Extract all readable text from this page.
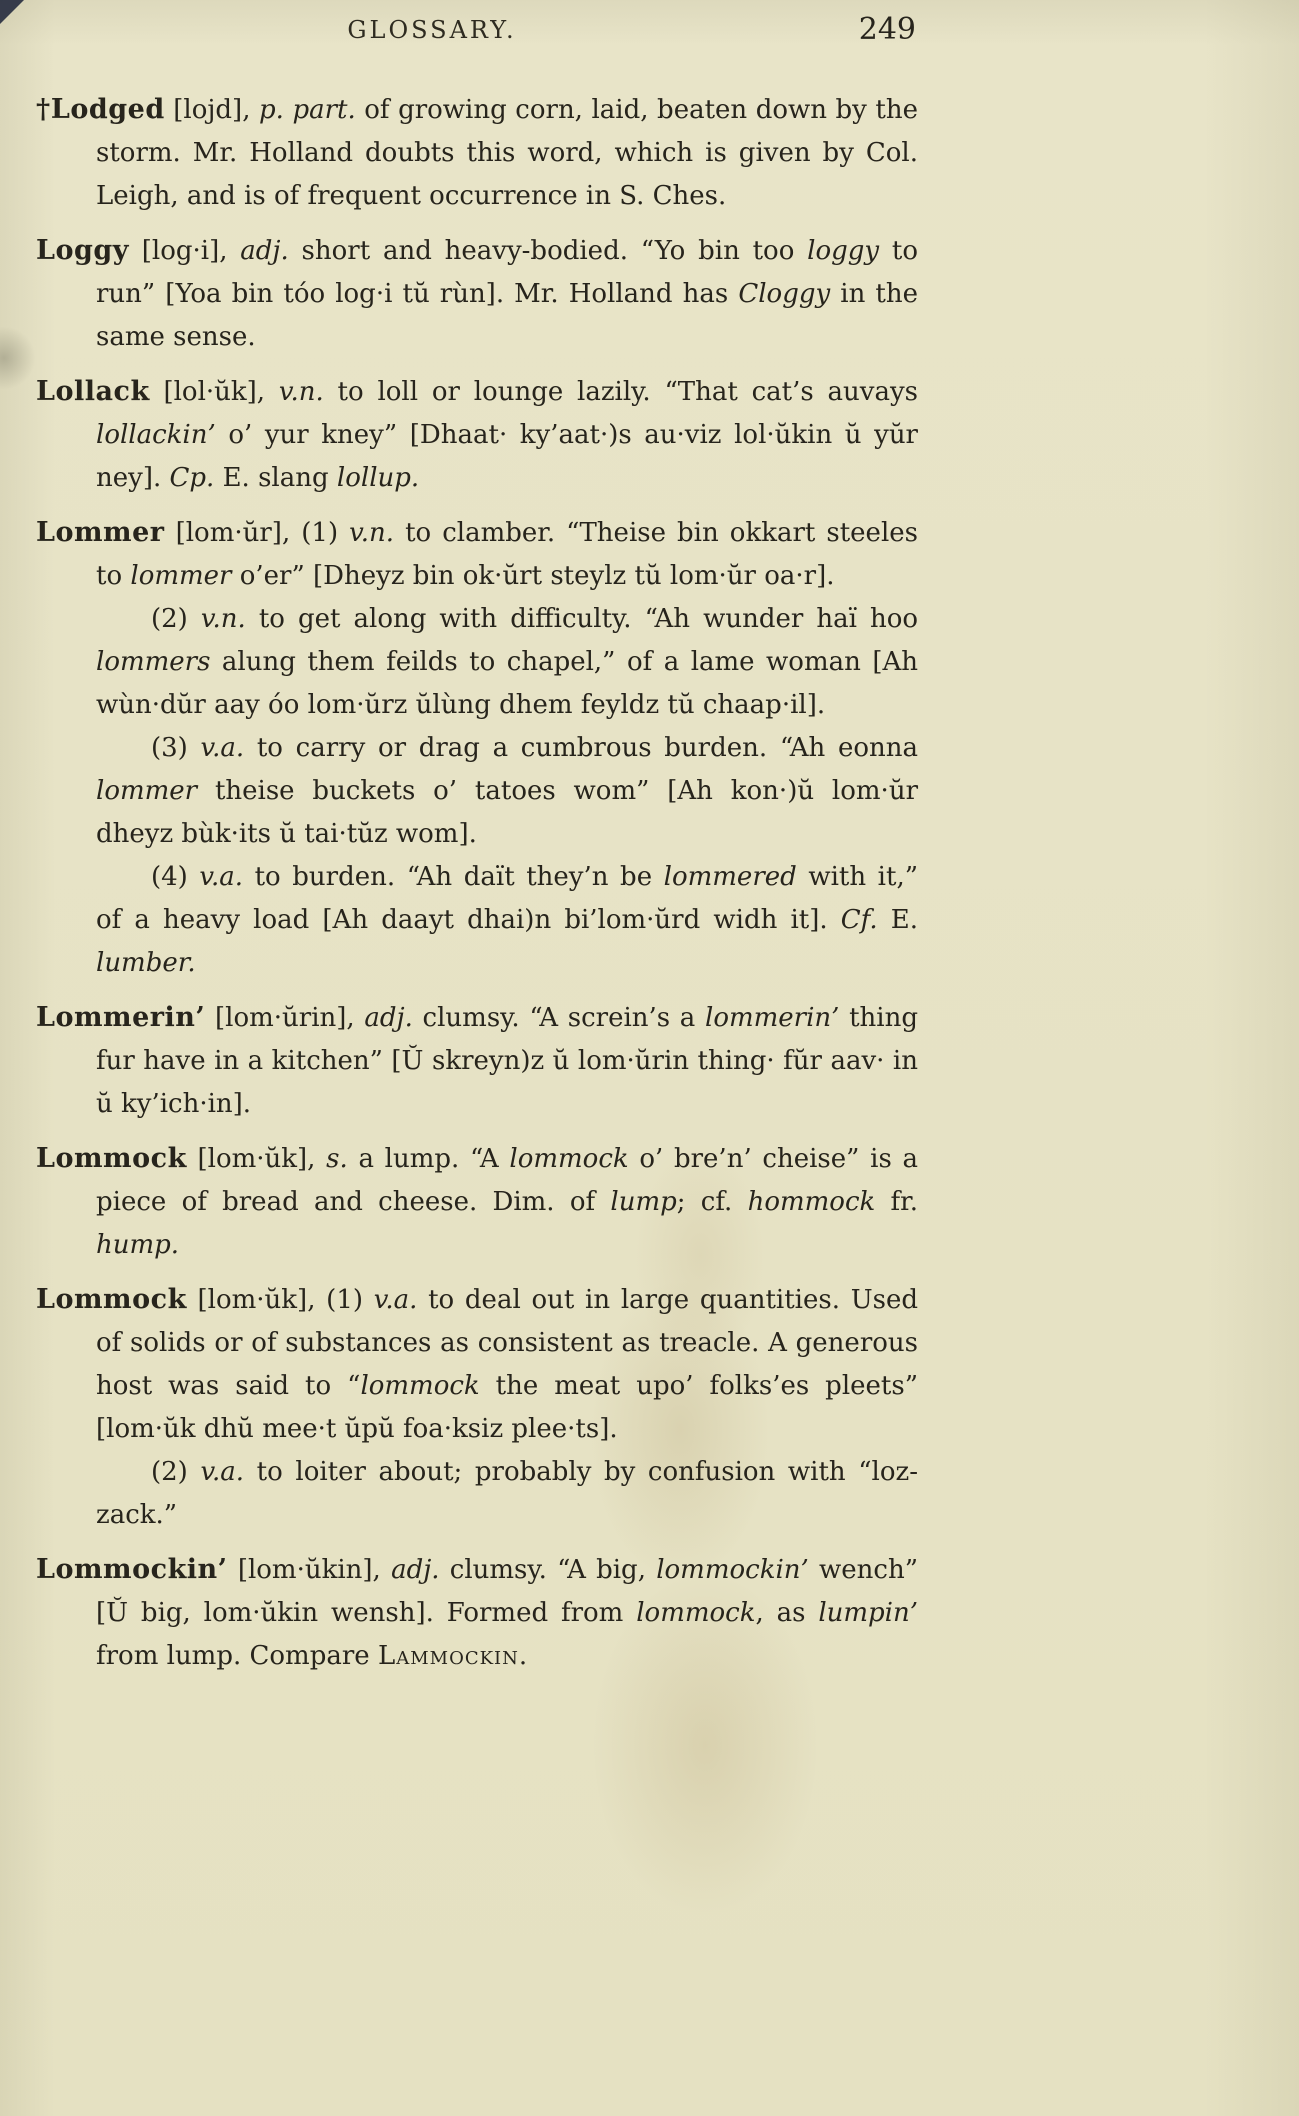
GLOSSARY.	249

†Lodged [lojd], p. part. of growing corn, laid, beaten down by the storm. Mr. Holland doubts this word, which is given by Col. Leigh, and is of frequent occurrence in S. Ches.

Loggy [log·i], adj. short and heavy-bodied. “Yo bin too loggy to run” [Yoa bin tóo log·i tŭ rùn]. Mr. Holland has Cloggy in the same sense.

Lollack [lol·ŭk], v.n. to loll or lounge lazily. “That cat’s auvays lollackin’ o’ yur kney” [Dhaat· ky’aat·)s au·viz lol·ŭkin ŭ yŭr ney]. Cp. E. slang lollup.

Lommer [lom·ŭr], (1) v.n. to clamber. “Theise bin okkart steeles to lommer o’er” [Dheyz bin ok·ŭrt steylz tŭ lom·ŭr oa·r].

(2) v.n. to get along with difficulty. “Ah wunder haï hoo lommers alung them feilds to chapel,” of a lame woman [Ah wùn·dŭr aay óo lom·ŭrz ŭlùng dhem feyldz tŭ chaap·il].

(3) v.a. to carry or drag a cumbrous burden. “Ah eonna lommer theise buckets o’ tatoes wom” [Ah kon·)ŭ lom·ŭr dheyz bùk·its ŭ tai·tŭz wom].

(4) v.a. to burden. “Ah daït they’n be lommered with it,” of a heavy load [Ah daayt dhai)n bi’lom·ŭrd widh it]. Cf. E. lumber.

Lommerin’ [lom·ŭrin], adj. clumsy. “A screin’s a lommerin’ thing fur have in a kitchen” [Ŭ skreyn)z ŭ lom·ŭrin thing· fŭr aav· in ŭ ky’ich·in].

Lommock [lom·ŭk], s. a lump. “A lommock o’ bre’n’ cheise” is a piece of bread and cheese. Dim. of lump; cf. hommock fr. hump.

Lommock [lom·ŭk], (1) v.a. to deal out in large quantities. Used of solids or of substances as consistent as treacle. A generous host was said to “lommock the meat upo’ folks’es pleets” [lom·ŭk dhŭ mee·t ŭpŭ foa·ksiz plee·ts].

(2) v.a. to loiter about; probably by confusion with “loz-zack.”

Lommockin’ [lom·ŭkin], adj. clumsy. “A big, lommockin’ wench” [Ŭ big, lom·ŭkin wensh]. Formed from lommock, as lumpin’ from lump. Compare Lammockin.
